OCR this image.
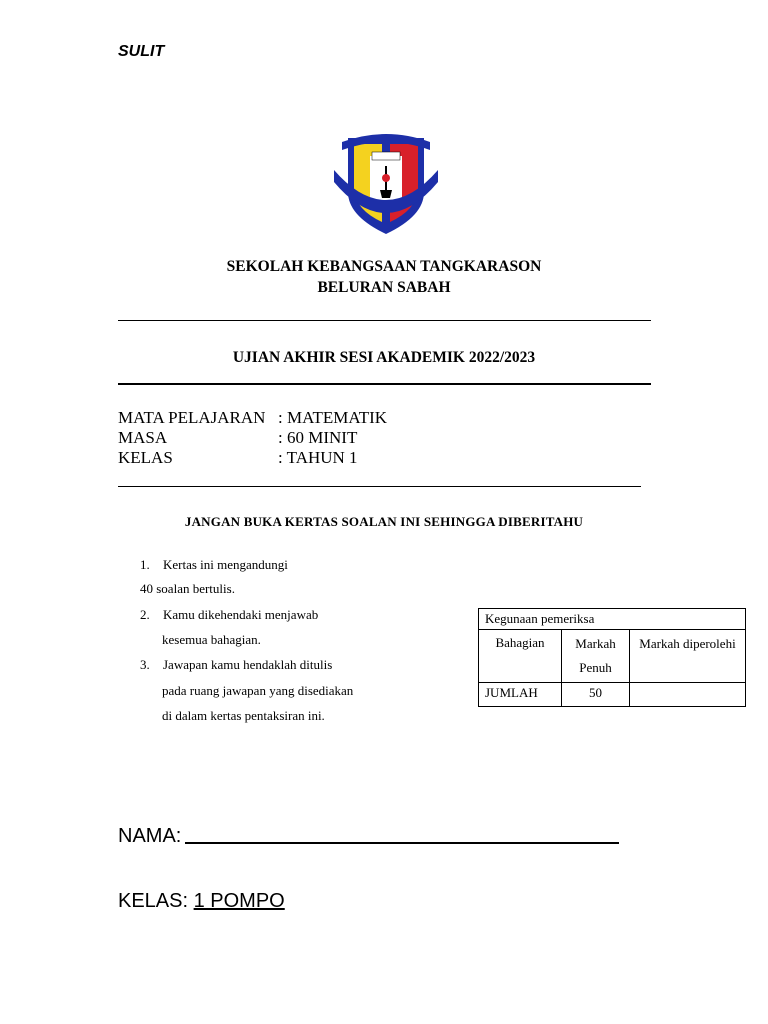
SULIT
SEKOLAH KEBANGSAAN TANGKARASON
BELURAN SABAH
UJIAN AKHIR SESI AKADEMIK 2022/2023
MATA PELAJARAN : MATEMATIK
MASA	: 60 MINIT
KELAS	: TAHUN 1
JANGAN BUKA KERTAS SOALAN INI SEHINGGA DIBERITAHU
1. Kertas ini mengandungi
40 soalan bertulis.
2. Kamu dikehendaki menjawab
kesemua bahagian.
3. Jawapan kamu hendaklah ditulis
pada ruang jawapan yang disediakan
di dalam kertas pentaksiran ini.
Kegunaan pemeriksa		
Bahagian	Markah Penuh	Markah diperolehi
JUMLAH	50	
NAMA:
KELAS: 1 POMPO
